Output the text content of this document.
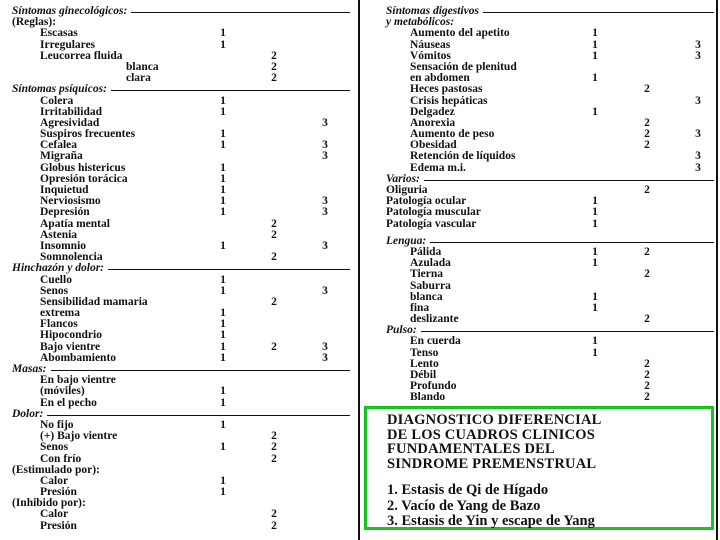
Síntomas ginecológicos:
(Reglas):
Escasas	1
Irregulares	1
Leucorrea fluida	2
blanca	2
clara	2
Síntomas psíquicos:
Colera	1
Irritabilidad	1
Agresividad	3
Suspiros frecuentes	1
Cefalea	1	3
Migraña	3
Globus histericus	1
Opresión torácica	1
Inquietud	1
Nerviosismo	1	3
Depresión	1	3
Apatía mental	2
Astenia	2
Insomnio	1	3
Somnolencia	2
Hinchazón y dolor:
Cuello	1
Senos	1	3
Sensibilidad mamaria	2
extrema	1
Flancos	1
Hipocondrio	1
Bajo vientre	1	2	3
Abombamiento	1	3
Masas:
En bajo vientre
(móviles)	1
En el pecho	1
Dolor:
No fijo	1
(+) Bajo vientre	2
Senos	1	2
Con frío	2
(Estimulado por):
Calor	1
Presión	1
(Inhibido por):
Calor	2
Presión	2
Síntomas digestivos
y metabólicos:
Aumento del apetito	1
Náuseas	1	3
Vómitos	1	3
Sensación de plenitud
en abdomen	1
Heces pastosas	2
Crisis hepáticas	3
Delgadez	1
Anorexia	2
Aumento de peso	2	3
Obesidad	2
Retención de líquidos	3
Edema m.i.	3
Varios:
Oliguria	2
Patología ocular	1
Patología muscular	1
Patología vascular	1
Lengua:
Pálida	1	2
Azulada	1
Tierna	2
Saburra
blanca	1
fina	1
deslizante	2
Pulso:
En cuerda	1
Tenso	1
Lento	2
Débil	2
Profundo	2
Blando	2
DIAGNOSTICO DIFERENCIAL
DE LOS CUADROS CLINICOS
FUNDAMENTALES DEL
SINDROME PREMENSTRUAL
1. Estasis de Qi de Hígado
2. Vacío de Yang de Bazo
3. Estasis de Yin y escape de Yang
